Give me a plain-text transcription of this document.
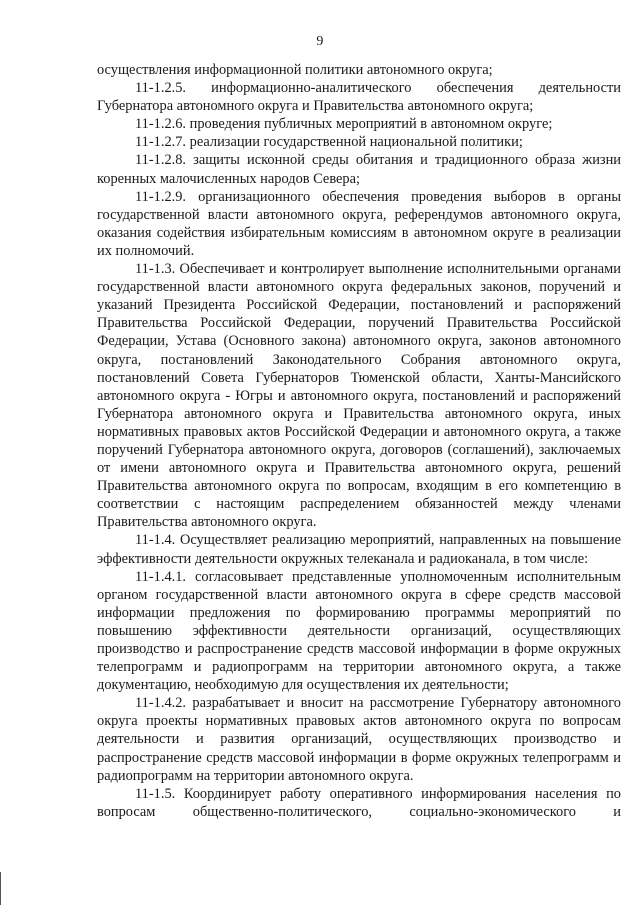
9

осуществления информационной политики автономного округа;

11-1.2.5. информационно-аналитического обеспечения деятельности Губернатора автономного округа и Правительства автономного округа;

11-1.2.6. проведения публичных мероприятий в автономном округе;

11-1.2.7. реализации государственной национальной политики;

11-1.2.8. защиты исконной среды обитания и традиционного образа жизни коренных малочисленных народов Севера;

11-1.2.9. организационного обеспечения проведения выборов в органы государственной власти автономного округа, референдумов автономного округа, оказания содействия избирательным комиссиям в автономном округе в реализации их полномочий.

11-1.3. Обеспечивает и контролирует выполнение исполнительными органами государственной власти автономного округа федеральных законов, поручений и указаний Президента Российской Федерации, постановлений и распоряжений Правительства Российской Федерации, поручений Правительства Российской Федерации, Устава (Основного закона) автономного округа, законов автономного округа, постановлений Законодательного Собрания автономного округа, постановлений Совета Губернаторов Тюменской области, Ханты-Мансийского автономного округа - Югры и автономного округа, постановлений и распоряжений Губернатора автономного округа и Правительства автономного округа, иных нормативных правовых актов Российской Федерации и автономного округа, а также поручений Губернатора автономного округа, договоров (соглашений), заключаемых от имени автономного округа и Правительства автономного округа, решений Правительства автономного округа по вопросам, входящим в его компетенцию в соответствии с настоящим распределением обязанностей между членами Правительства автономного округа.

11-1.4. Осуществляет реализацию мероприятий, направленных на повышение эффективности деятельности окружных телеканала и радиоканала, в том числе:

11-1.4.1. согласовывает представленные уполномоченным исполнительным органом государственной власти автономного округа в сфере средств массовой информации предложения по формированию программы мероприятий по повышению эффективности деятельности организаций, осуществляющих производство и распространение средств массовой информации в форме окружных телепрограмм и радиопрограмм на территории автономного округа, а также документацию, необходимую для осуществления их деятельности;

11-1.4.2. разрабатывает и вносит на рассмотрение Губернатору автономного округа проекты нормативных правовых актов автономного округа по вопросам деятельности и развития организаций, осуществляющих производство и распространение средств массовой информации в форме окружных телепрограмм и радиопрограмм на территории автономного округа.

11-1.5. Координирует работу оперативного информирования населения по вопросам общественно-политического, социально-экономического и
